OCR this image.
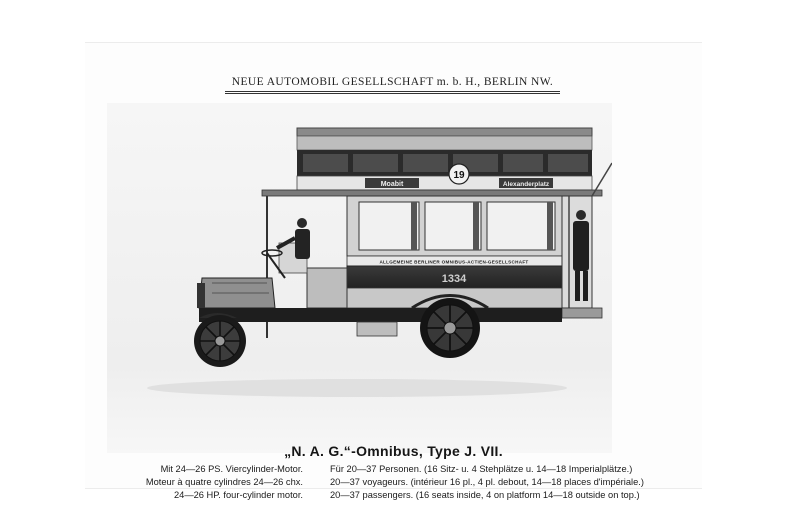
NEUE AUTOMOBIL GESELLSCHAFT m. b. H., BERLIN NW.
Moabit	Alexanderplatz
19
ALLGEMEINE BERLINER OMNIBUS-ACTIEN-GESELLSCHAFT
1334
„N. A. G.“-Omnibus, Type J. VII.
Mit 24—26 PS. Viercylinder-Motor.
Moteur à quatre cylindres 24—26 chx.
24—26 HP. four-cylinder motor.
Für 20—37 Personen. (16 Sitz- u. 4 Stehplätze u. 14—18 Imperialplätze.)
20—37 voyageurs. (intérieur 16 pl., 4 pl. debout, 14—18 places d'impériale.)
20—37 passengers. (16 seats inside, 4 on platform 14—18 outside on top.)
